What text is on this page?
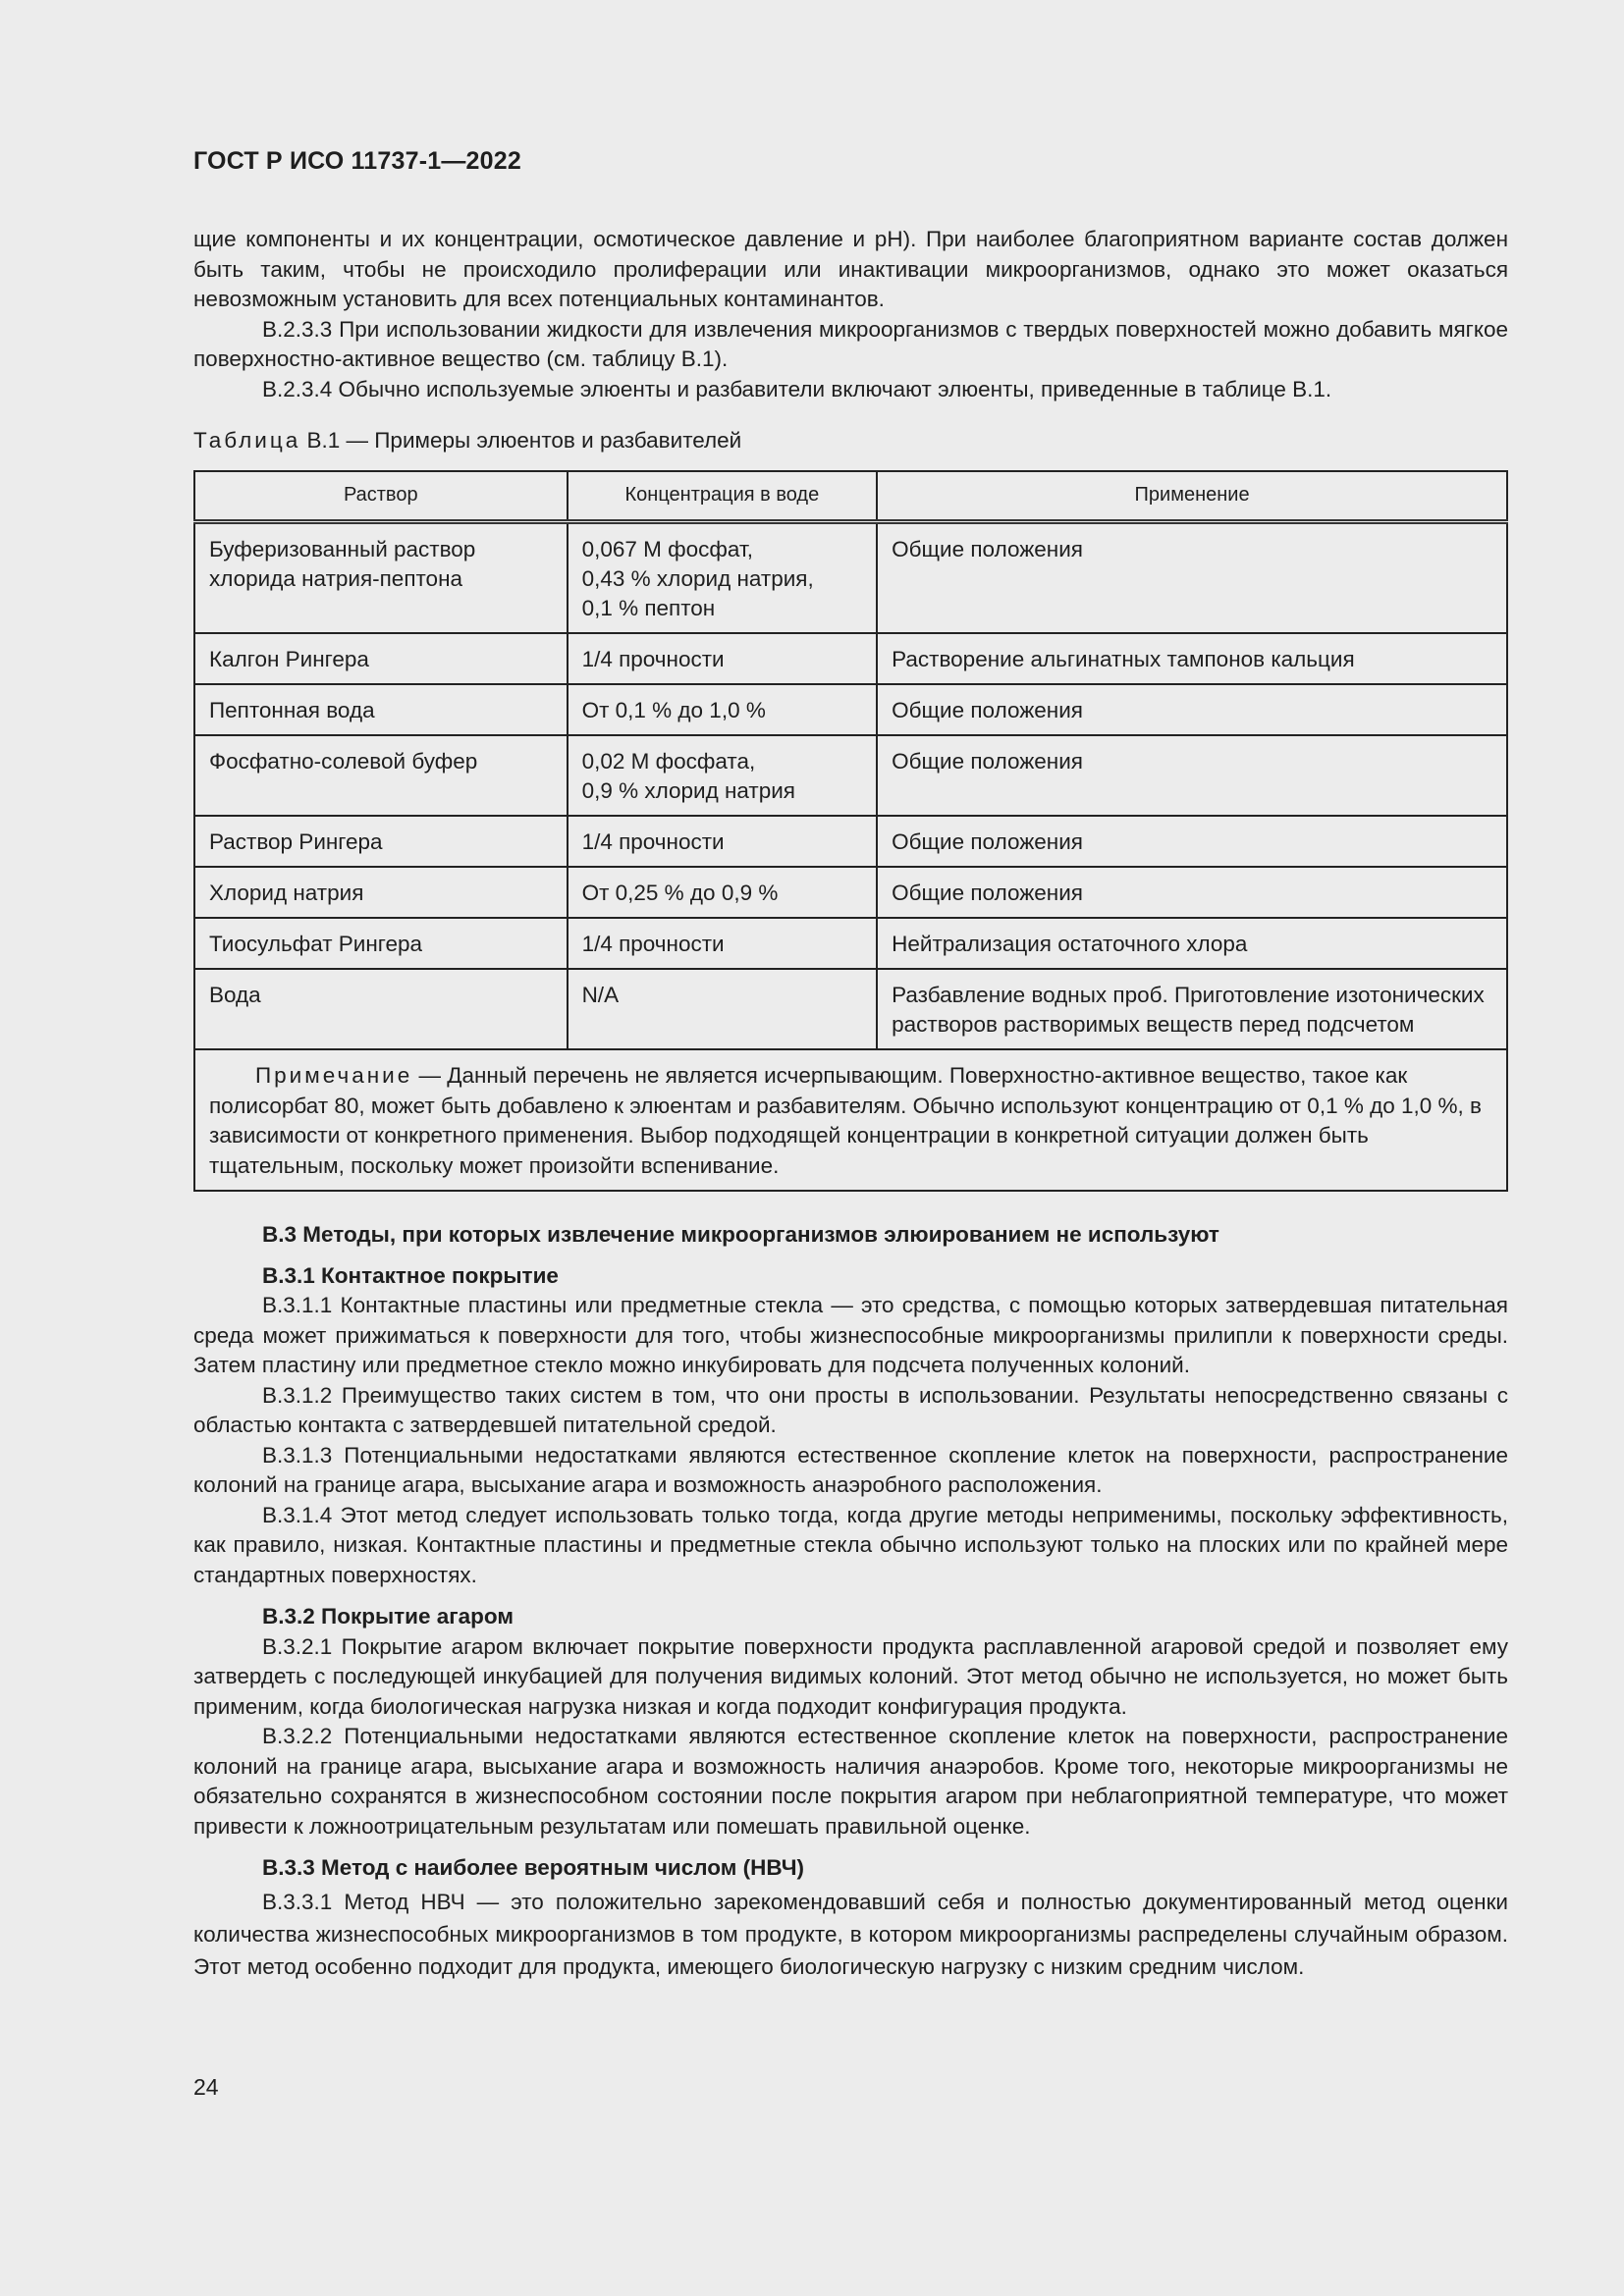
ГОСТ Р ИСО 11737-1—2022

щие компоненты и их концентрации, осмотическое давление и pH). При наиболее благоприятном варианте состав должен быть таким, чтобы не происходило пролиферации или инактивации микроорганизмов, однако это может оказаться невозможным установить для всех потенциальных контаминантов.

В.2.3.3 При использовании жидкости для извлечения микроорганизмов с твердых поверхностей можно добавить мягкое поверхностно-активное вещество (см. таблицу В.1).

В.2.3.4 Обычно используемые элюенты и разбавители включают элюенты, приведенные в таблице В.1.

Таблица В.1 — Примеры элюентов и разбавителей
Раствор	Концентрация в воде	Применение
Буферизованный раствор хлорида натрия-пептона	0,067 М фосфат,
0,43 % хлорид натрия,
0,1 % пептон	Общие положения
Калгон Рингера	1/4 прочности	Растворение альгинатных тампонов кальция
Пептонная вода	От 0,1 % до 1,0 %	Общие положения
Фосфатно-солевой буфер	0,02 М фосфата,
0,9 % хлорид натрия	Общие положения
Раствор Рингера	1/4 прочности	Общие положения
Хлорид натрия	От 0,25 % до 0,9 %	Общие положения
Тиосульфат Рингера	1/4 прочности	Нейтрализация остаточного хлора
Вода	N/A	Разбавление водных проб. Приготовление изотонических растворов растворимых веществ перед подсчетом
Примечание — Данный перечень не является исчерпывающим. Поверхностно-активное вещество, такое как полисорбат 80, может быть добавлено к элюентам и разбавителям. Обычно используют концентрацию от 0,1 % до 1,0 %, в зависимости от конкретного применения. Выбор подходящей концентрации в конкретной ситуации должен быть тщательным, поскольку может произойти вспенивание.		

В.3 Методы, при которых извлечение микроорганизмов элюированием не используют

В.3.1 Контактное покрытие

В.3.1.1 Контактные пластины или предметные стекла — это средства, с помощью которых затвердевшая питательная среда может прижиматься к поверхности для того, чтобы жизнеспособные микроорганизмы прилипли к поверхности среды. Затем пластину или предметное стекло можно инкубировать для подсчета полученных колоний.

В.3.1.2 Преимущество таких систем в том, что они просты в использовании. Результаты непосредственно связаны с областью контакта с затвердевшей питательной средой.

В.3.1.3 Потенциальными недостатками являются естественное скопление клеток на поверхности, распространение колоний на границе агара, высыхание агара и возможность анаэробного расположения.

В.3.1.4 Этот метод следует использовать только тогда, когда другие методы неприменимы, поскольку эффективность, как правило, низкая. Контактные пластины и предметные стекла обычно используют только на плоских или по крайней мере стандартных поверхностях.

В.3.2 Покрытие агаром

В.3.2.1 Покрытие агаром включает покрытие поверхности продукта расплавленной агаровой средой и позволяет ему затвердеть с последующей инкубацией для получения видимых колоний. Этот метод обычно не используется, но может быть применим, когда биологическая нагрузка низкая и когда подходит конфигурация продукта.

В.3.2.2 Потенциальными недостатками являются естественное скопление клеток на поверхности, распространение колоний на границе агара, высыхание агара и возможность наличия анаэробов. Кроме того, некоторые микроорганизмы не обязательно сохранятся в жизнеспособном состоянии после покрытия агаром при неблагоприятной температуре, что может привести к ложноотрицательным результатам или помешать правильной оценке.

В.3.3 Метод с наиболее вероятным числом (НВЧ)

В.3.3.1 Метод НВЧ — это положительно зарекомендовавший себя и полностью документированный метод оценки количества жизнеспособных микроорганизмов в том продукте, в котором микроорганизмы распределены случайным образом. Этот метод особенно подходит для продукта, имеющего биологическую нагрузку с низким средним числом.

24
